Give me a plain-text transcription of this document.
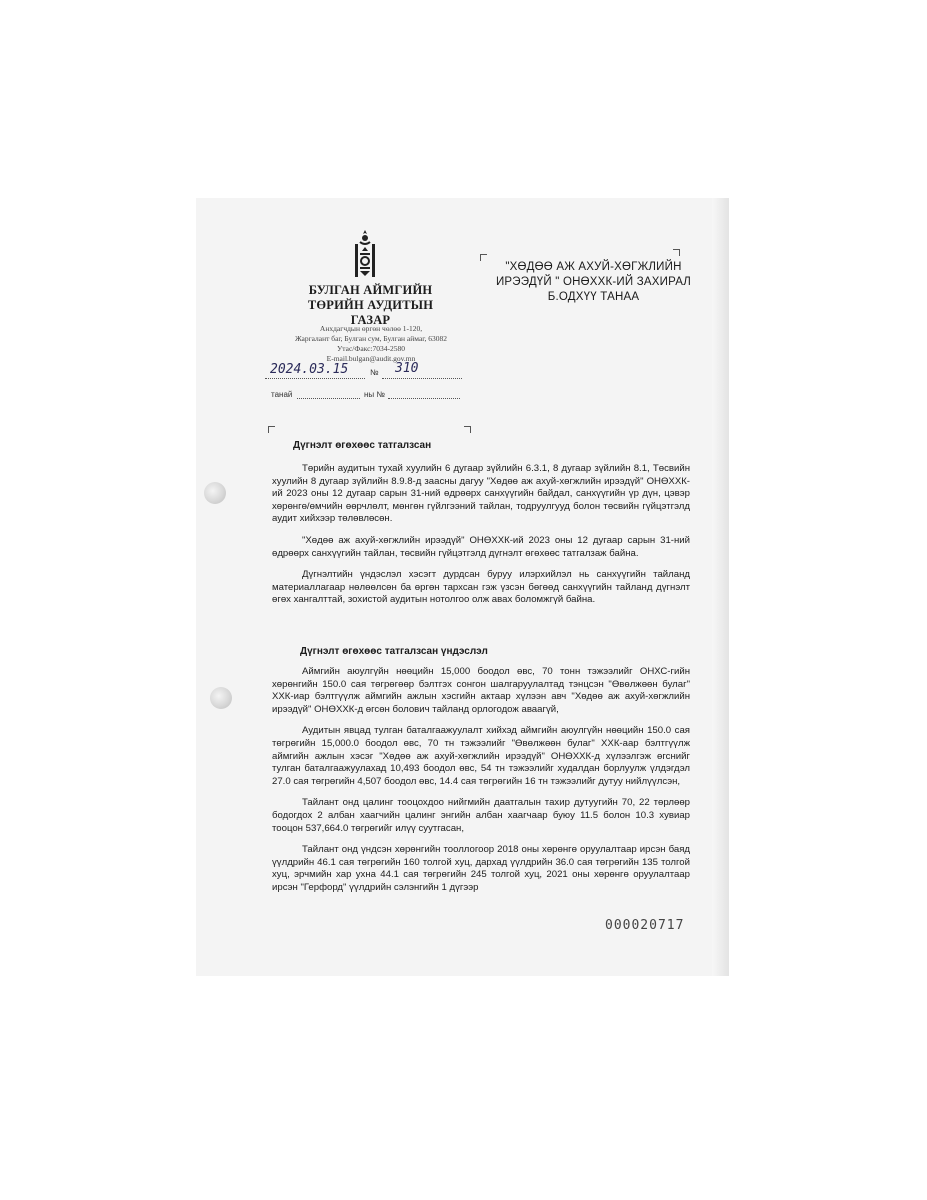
БУЛГАН АЙМГИЙН
ТӨРИЙН АУДИТЫН ГАЗАР
Анхдагчдын өргөн чөлөө 1-120,
Жаргалант баг, Булган сум, Булган аймаг, 63082
Утас/Факс:7034-2580
E-mail.bulgan@audit.gov.mn
2024.03.15	№ 310
танай	ны №
"ХӨДӨӨ АЖ АХУЙ-ХӨГЖЛИЙН
ИРЭЭДҮЙ " ОНӨХХК-ИЙ ЗАХИРАЛ
Б.ОДХҮҮ ТАНАА
Дүгнэлт өгөхөөс татгалзсан

Төрийн аудитын тухай хуулийн 6 дугаар зүйлийн 6.3.1, 8 дугаар зүйлийн 8.1, Төсвийн хуулийн 8 дугаар зүйлийн 8.9.8-д заасны дагуу "Хөдөө аж ахуй-хөгжлийн ирээдүй" ОНӨХХК-ий 2023 оны 12 дугаар сарын 31-ний өдрөөрх санхүүгийн байдал, санхүүгийн үр дүн, цэвэр хөрөнгө/өмчийн өөрчлөлт, мөнгөн гүйлгээний тайлан, тодруулгууд болон төсвийн гүйцэтгэлд аудит хийхээр төлөвлөсөн.

"Хөдөө аж ахуй-хөгжлийн ирээдүй" ОНӨХХК-ий 2023 оны 12 дугаар сарын 31-ний өдрөөрх санхүүгийн тайлан, төсвийн гүйцэтгэлд дүгнэлт өгөхөөс татгалзаж байна.

Дүгнэлтийн үндэслэл хэсэгт дурдсан буруу илэрхийлэл нь санхүүгийн тайланд материаллагаар нөлөөлсөн ба өргөн тархсан гэж үзсэн бөгөөд санхүүгийн тайланд дүгнэлт өгөх хангалттай, зохистой аудитын нотолгоо олж авах боломжгүй байна.

Дүгнэлт өгөхөөс татгалзсан үндэслэл

Аймгийн аюулгүйн нөөцийн 15,000 боодол өвс, 70 тонн тэжээлийг ОНХС-гийн хөрөнгийн 150.0 сая төгрөгөөр бэлтгэх сонгон шалгаруулалтад тэнцсэн "Өвөлжөөн булаг" ХХК-иар бэлтгүүлж аймгийн ажлын хэсгийн актаар хүлээн авч "Хөдөө аж ахуй-хөгжлийн ирээдүй" ОНӨХХК-д өгсөн болович тайланд орлогодож аваагүй,

Аудитын явцад тулган баталгаажуулалт хийхэд аймгийн аюулгүйн нөөцийн 150.0 сая төгрөгийн 15,000.0 боодол өвс, 70 тн тэжээлийг "Өвөлжөөн булаг" ХХК-аар бэлтгүүлж аймгийн ажлын хэсэг "Хөдөө аж ахуй-хөгжлийн ирээдүй" ОНӨХХК-д хүлээлгэж өгснийг тулган баталгаажуулахад 10,493 боодол өвс, 54 тн тэжээлийг худалдан борлуулж үлдэгдэл 27.0 сая төгрөгийн 4,507 боодол өвс, 14.4 сая төгрөгийн 16 тн тэжээлийг дутуу нийлүүлсэн,

Тайлант онд цалинг тооцохдоо нийгмийн даатгалын тахир дутуугийн 70, 22 төрлөөр бодогдох 2 албан хаагчийн цалинг энгийн албан хаагчаар буюу 11.5 болон 10.3 хувиар тооцон 537,664.0 төгрөгийг илүү суутгасан,

Тайлант онд үндсэн хөрөнгийн тооллогоор 2018 оны хөрөнгө оруулалтаар ирсэн баяд үүлдрийн 46.1 сая төгрөгийн 160 толгой хуц, дархад үүлдрийн 36.0 сая төгрөгийн 135 толгой хуц, эрчмийн хар ухна 44.1 сая төгрөгийн 245 толгой хуц, 2021 оны хөрөнгө оруулалтаар ирсэн "Герфорд" үүлдрийн сэлэнгийн 1 дүгээр

000020717
